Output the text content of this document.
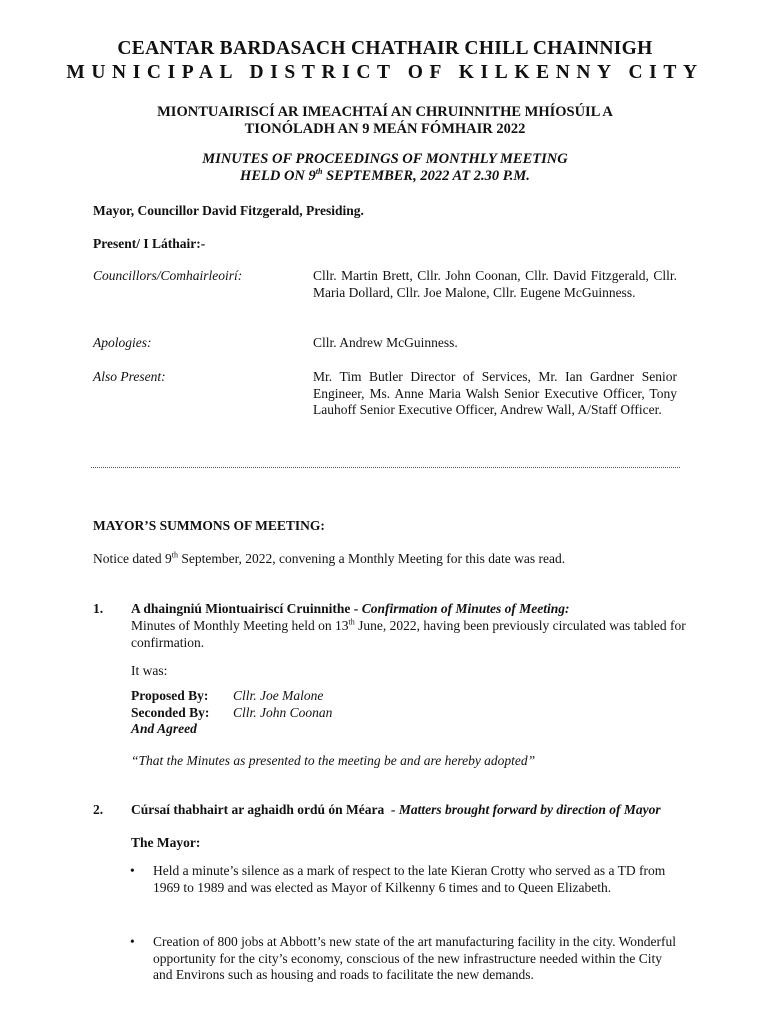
CEANTAR BARDASACH CHATHAIR CHILL CHAINNIGH
MUNICIPAL DISTRICT OF KILKENNY CITY
MIONTUAIRISCÍ AR IMEACHTAÍ AN CHRUINNITHE MHÍOSÚIL A
TIONÓLADH AN 9 MEÁN FÓMHAIR 2022
MINUTES OF PROCEEDINGS OF MONTHLY MEETING
HELD ON 9th SEPTEMBER, 2022 AT 2.30 P.M.
Mayor, Councillor David Fitzgerald, Presiding.
Present/ I Láthair:-
Councillors/Comhairleoirí:	Cllr. Martin Brett, Cllr. John Coonan, Cllr. David Fitzgerald, Cllr. Maria Dollard, Cllr. Joe Malone, Cllr. Eugene McGuinness.
Apologies:	Cllr. Andrew McGuinness.
Also Present:	Mr. Tim Butler Director of Services, Mr. Ian Gardner Senior Engineer, Ms. Anne Maria Walsh Senior Executive Officer, Tony Lauhoff Senior Executive Officer, Andrew Wall, A/Staff Officer.
MAYOR’S SUMMONS OF MEETING:
Notice dated 9th September, 2022, convening a Monthly Meeting for this date was read.
1. A dhaingniú Miontuairiscí Cruinnithe - Confirmation of Minutes of Meeting:
Minutes of Monthly Meeting held on 13th June, 2022, having been previously circulated was tabled for confirmation.
It was:
Proposed By: Cllr. Joe Malone
Seconded By: Cllr. John Coonan
And Agreed
“That the Minutes as presented to the meeting be and are hereby adopted”
2. Cúrsaí thabhairt ar aghaidh ordú ón Méara - Matters brought forward by direction of Mayor
The Mayor:
• Held a minute’s silence as a mark of respect to the late Kieran Crotty who served as a TD from 1969 to 1989 and was elected as Mayor of Kilkenny 6 times and to Queen Elizabeth.
• Creation of 800 jobs at Abbott’s new state of the art manufacturing facility in the city. Wonderful opportunity for the city’s economy, conscious of the new infrastructure needed within the City and Environs such as housing and roads to facilitate the new demands.
